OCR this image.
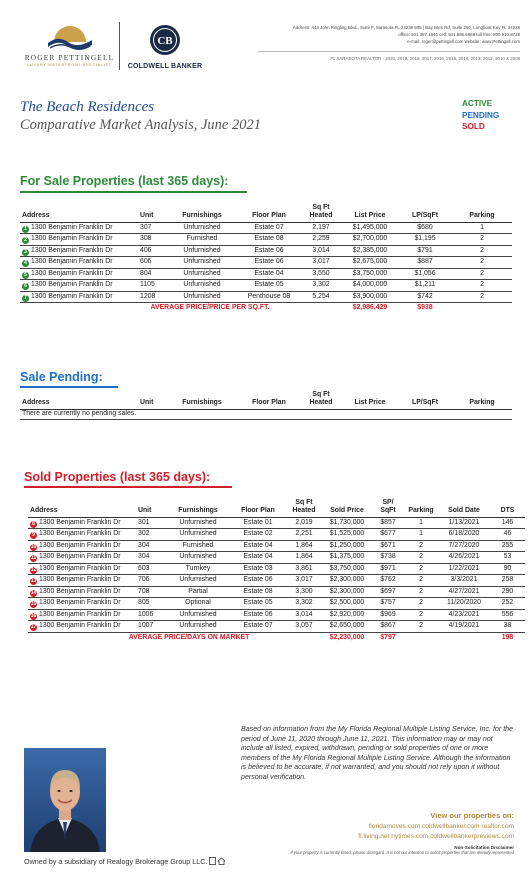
ROGER PETTINGELL
LUXURY WATERFRONT SPECIALIST
CB
COLDWELL BANKER
Address: 443 John Ringling Blvd., Suite F, Sarasota FL 34236 595 | Bay Isles Rd, Suite 250, Longboat Key FL 34228
office: 941.387.1840 cell: 941.586.6668 toll free: 800.910.8728
e-mail: roger@pettingell.com website: www.Pettingell.com
#1 SARASOTA REALTOR - 2020, 2019, 2018, 2017, 2016, 2015, 2014, 2013, 2012, 2010 & 2008
The Beach Residences
Comparative Market Analysis, June 2021
ACTIVE
PENDING
SOLD
For Sale Properties (last 365 days):
Address	Unit	Furnishings	Floor Plan	Sq Ft Heated	List Price	LP/SqFt	Parking
1 1300 Benjamin Franklin Dr	307	Unfurnished	Estate 07	2,197	$1,495,000	$680	1
2 1300 Benjamin Franklin Dr	308	Furnished	Estate 08	2,259	$2,700,000	$1,195	2
3 1300 Benjamin Franklin Dr	406	Unfurnished	Estate 06	3,014	$2,385,000	$791	2
4 1300 Benjamin Franklin Dr	606	Unfurnished	Estate 06	3,017	$2,675,000	$887	2
5 1300 Benjamin Franklin Dr	804	Unfurnished	Estate 04	3,550	$3,750,000	$1,056	2
6 1300 Benjamin Franklin Dr	1105	Unfurnished	Estate 05	3,302	$4,000,000	$1,211	2
7 1300 Benjamin Franklin Dr	1208	Unfurnished	Penthouse 08	5,254	$3,900,000	$742	2
AVERAGE PRICE/PRICE PER SQ.FT.					$2,986,429	$938	
Sale Pending:
Address	Unit	Furnishings	Floor Plan	Sq Ft Heated	List Price	LP/SqFt	Parking
There are currently no pending sales.
Sold Properties (last 365 days):
Address	Unit	Furnishings	Floor Plan	Sq Ft Heated	Sold Price	SP/ SqFt	Parking	Sold Date	DTS
8 1300 Benjamin Franklin Dr	301	Unfurnished	Estate 01	2,019	$1,730,000	$857	1	1/13/2021	146
9 1300 Benjamin Franklin Dr	302	Unfurnished	Estate 02	2,251	$1,525,000	$677	1	6/18/2020	46
10 1300 Benjamin Franklin Dr	304	Furnished	Estate 04	1,864	$1,250,000	$671	2	7/27/2020	255
11 1300 Benjamin Franklin Dr	304	Unfurnished	Estate 04	1,864	$1,375,000	$738	2	4/26/2021	53
12 1300 Benjamin Franklin Dr	603	Turnkey	Estate 03	3,861	$3,750,000	$971	2	1/22/2021	90
13 1300 Benjamin Franklin Dr	706	Unfurnished	Estate 06	3,017	$2,300,000	$762	2	3/3/2021	258
14 1300 Benjamin Franklin Dr	708	Partial	Estate 08	3,300	$2,300,000	$697	2	4/27/2021	290
15 1300 Benjamin Franklin Dr	805	Optional	Estate 05	3,302	$2,500,000	$757	2	11/20/2020	252
16 1300 Benjamin Franklin Dr	1006	Unfurnished	Estate 06	3,014	$2,920,000	$969	2	4/23/2021	556
17 1300 Benjamin Franklin Dr	1007	Unfurnished	Estate 07	3,057	$2,650,000	$867	2	4/19/2021	38
AVERAGE PRICE/DAYS ON MARKET					$2,230,000	$797			198
Based on information from the My Florida Regional Multiple Listing Service, Inc. for the period of June 11, 2020 through June 11, 2021. This information may or may not include all listed, expired, withdrawn, pending or sold properties of one or more members of the My Florida Regional Multiple Listing Service. Although the information is believed to be accurate, if not warranted, and you should not rely upon it without personal verification.
Owned by a subsidiary of Realogy Brokerage Group LLC.
View our properties on:
floridamoves.com coldwellbanker.com realtor.com
fl.living.net nytimes.com coldwellbankerpreviews.com
Non-Solicitation Disclaimer
If your property is currently listed, please disregard. It is not our intention to solicit properties that are already represented
